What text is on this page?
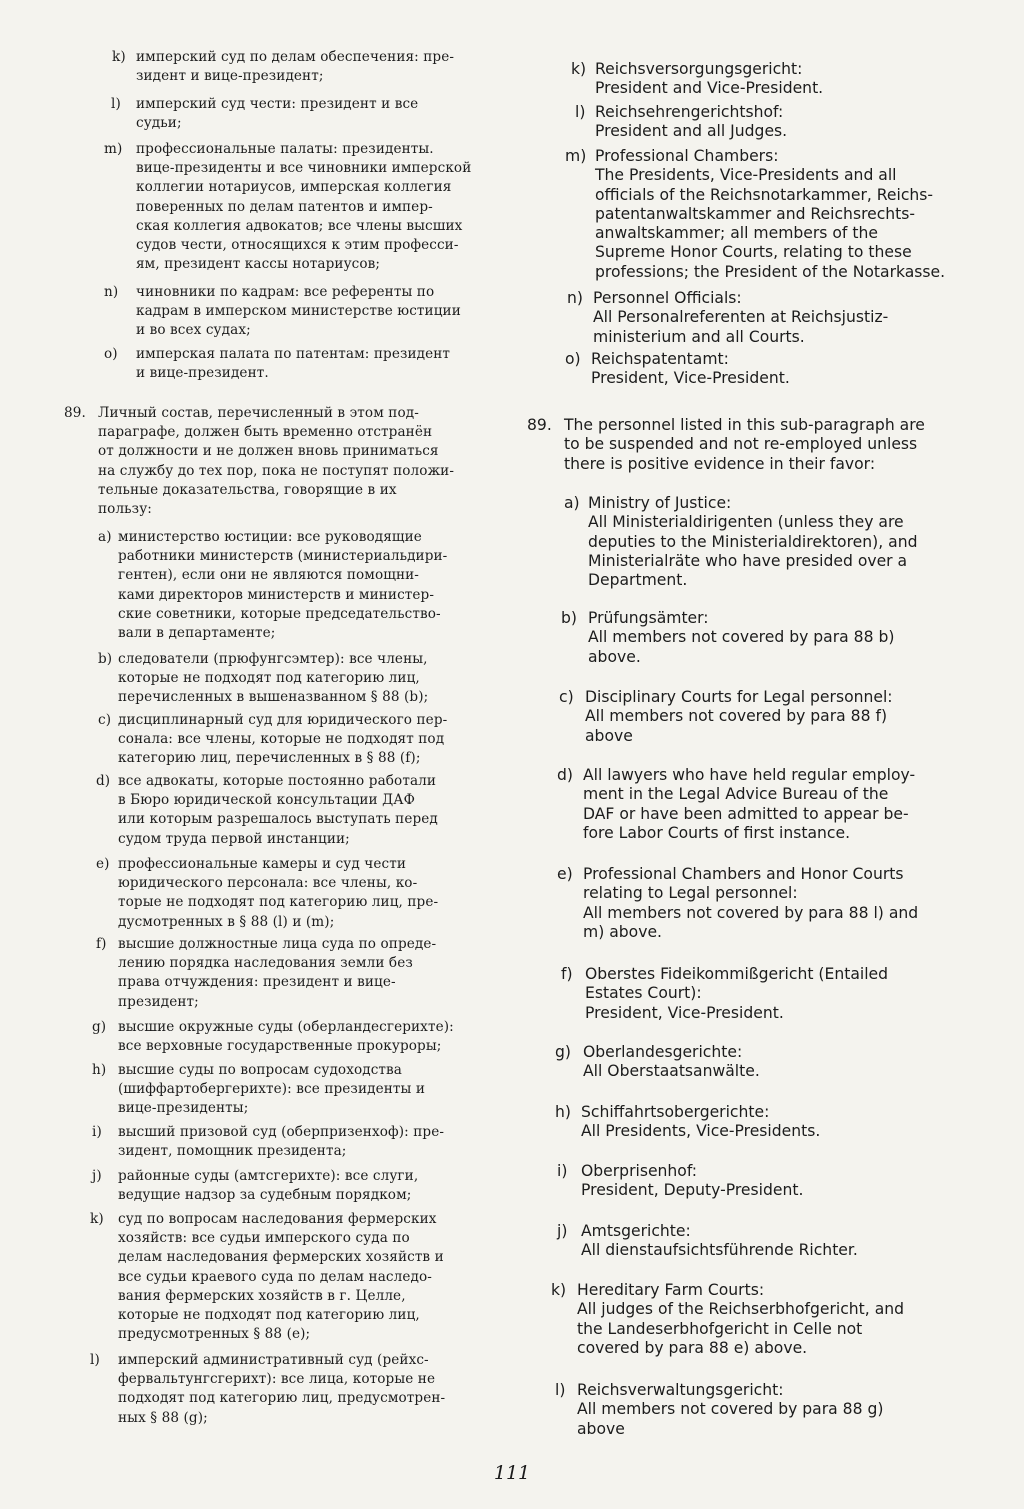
k) имперский суд по делам обеспечения: пре-
зидент и вице-президент;
l) имперский суд чести: президент и все
судьи;
m) профессиональные палаты: президенты.
вице-президенты и все чиновники имперской
коллегии нотариусов, имперская коллегия
поверенных по делам патентов и импер-
ская коллегия адвокатов; все члены высших
судов чести, относящихся к этим професси-
ям, президент кассы нотариусов;
n) чиновники по кадрам: все референты по
кадрам в имперском министерстве юстиции
и во всех судах;
o) имперская палата по патентам: президент
и вице-президент.
89. Личный состав, перечисленный в этом под-
параграфе, должен быть временно отстранён
от должности и не должен вновь приниматься
на службу до тех пор, пока не поступят положи-
тельные доказательства, говорящие в их
пользу:
a) министерство юстиции: все руководящие
работники министерств (министериальдири-
гентен), если они не являются помощни-
ками директоров министерств и министер-
ские советники, которые председательство-
вали в департаменте;
b) следователи (прюфунгсэмтер): все члены,
которые не подходят под категорию лиц,
перечисленных в вышеназванном § 88 (b);
c) дисциплинарный суд для юридического пер-
сонала: все члены, которые не подходят под
категорию лиц, перечисленных в § 88 (f);
d) все адвокаты, которые постоянно работали
в Бюро юридической консультации ДАФ
или которым разрешалось выступать перед
судом труда первой инстанции;
e) профессиональные камеры и суд чести
юридического персонала: все члены, ко-
торые не подходят под категорию лиц, пре-
дусмотренных в § 88 (l) и (m);
f) высшие должностные лица суда по опреде-
лению порядка наследования земли без
права отчуждения: президент и вице-
президент;
g) высшие окружные суды (оберландесгерихте):
все верховные государственные прокуроры;
h) высшие суды по вопросам судоходства
(шиффартобергерихте): все президенты и
вице-президенты;
i) высший призовой суд (оберпризенхоф): пре-
зидент, помощник президента;
j) районные суды (амтсгерихте): все слуги,
ведущие надзор за судебным порядком;
k) суд по вопросам наследования фермерских
хозяйств: все судьи имперского суда по
делам наследования фермерских хозяйств и
все судьи краевого суда по делам наследо-
вания фермерских хозяйств в г. Целле,
которые не подходят под категорию лиц,
предусмотренных § 88 (e);
l) имперский административный суд (рейхс-
фервальтунгсгерихт): все лица, которые не
подходят под категорию лиц, предусмотрен-
ных § 88 (g);
k) Reichsversorgungsgericht:
President and Vice-President.
l) Reichsehrengerichtshof:
President and all Judges.
m) Professional Chambers:
The Presidents, Vice-Presidents and all
officials of the Reichsnotarkammer, Reichs-
patentanwaltskammer and Reichsrechts-
anwaltskammer; all members of the
Supreme Honor Courts, relating to these
professions; the President of the Notarkasse.
n) Personnel Officials:
All Personalreferenten at Reichsjustiz-
ministerium and all Courts.
o) Reichspatentamt:
President, Vice-President.
89. The personnel listed in this sub-paragraph are
to be suspended and not re-employed unless
there is positive evidence in their favor:
a) Ministry of Justice:
All Ministerialdirigenten (unless they are
deputies to the Ministerialdirektoren), and
Ministerialräte who have presided over a
Department.
b) Prüfungsämter:
All members not covered by para 88 b)
above.
c) Disciplinary Courts for Legal personnel:
All members not covered by para 88 f)
above
d) All lawyers who have held regular employ-
ment in the Legal Advice Bureau of the
DAF or have been admitted to appear be-
fore Labor Courts of first instance.
e) Professional Chambers and Honor Courts
relating to Legal personnel:
All members not covered by para 88 l) and
m) above.
f) Oberstes Fideikommißgericht (Entailed
Estates Court):
President, Vice-President.
g) Oberlandesgerichte:
All Oberstaatsanwälte.
h) Schiffahrtsobergerichte:
All Presidents, Vice-Presidents.
i) Oberprisenhof:
President, Deputy-President.
j) Amtsgerichte:
All dienstaufsichtsführende Richter.
k) Hereditary Farm Courts:
All judges of the Reichserbhofgericht, and
the Landeserbhofgericht in Celle not
covered by para 88 e) above.
l) Reichsverwaltungsgericht:
All members not covered by para 88 g)
above
111
